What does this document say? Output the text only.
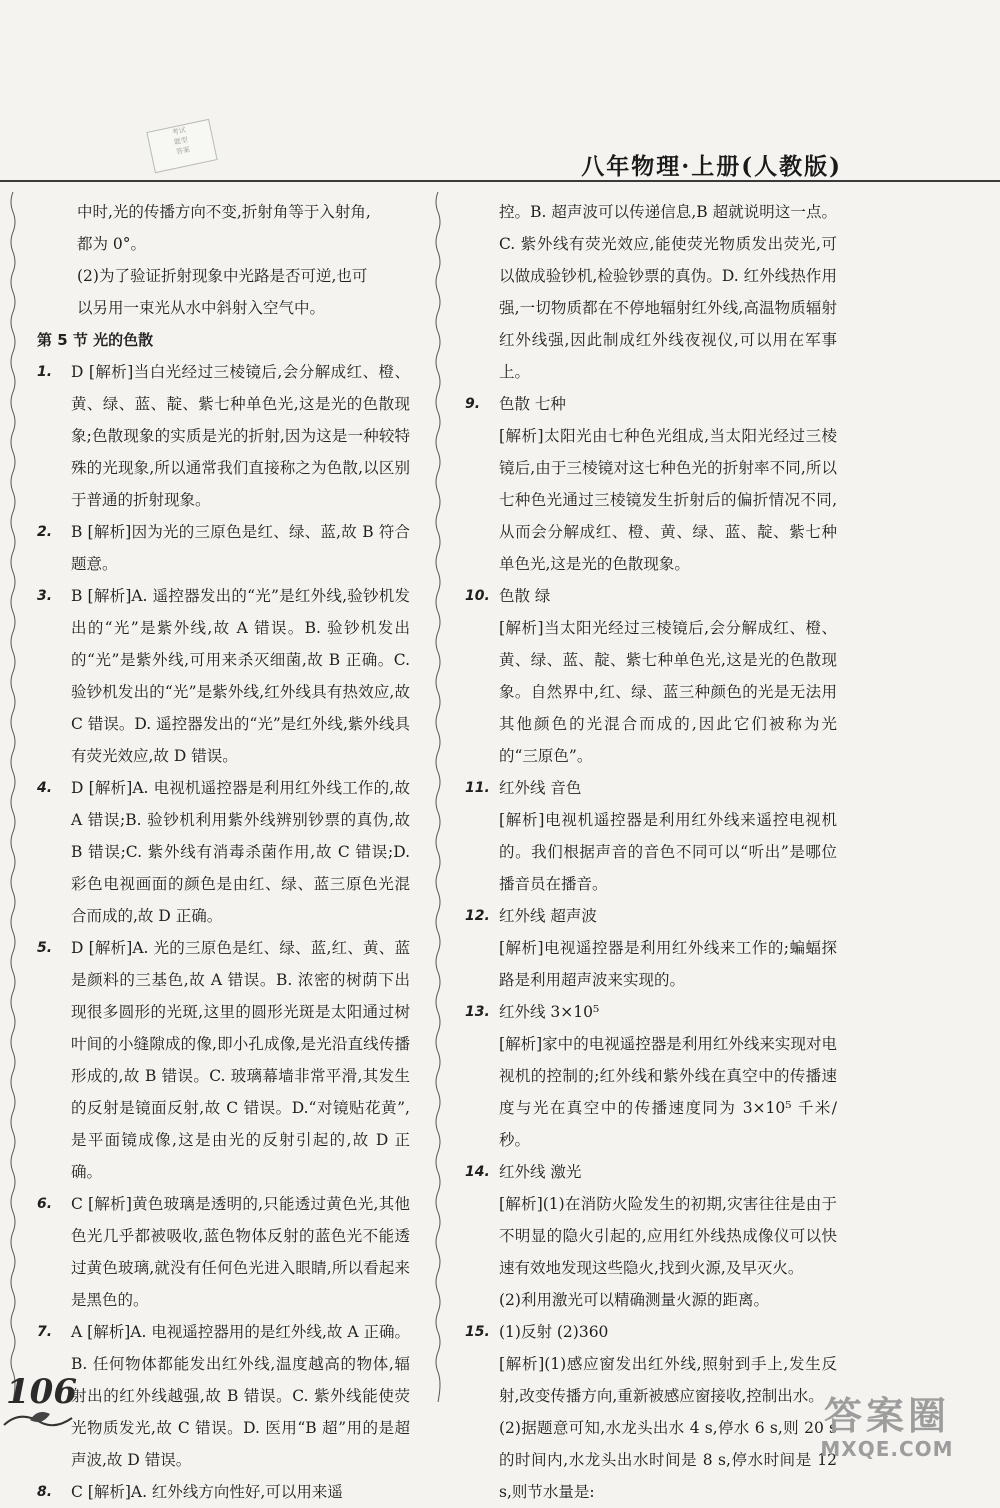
考试
题型
答案
八年物理·上册(人教版)
中时,光的传播方向不变,折射角等于入射角,
都为 0°。
(2)为了验证折射现象中光路是否可逆,也可
以另用一束光从水中斜射入空气中。
第 5 节 光的色散
1.	D [解析]当白光经过三棱镜后,会分解成红、橙、黄、绿、蓝、靛、紫七种单色光,这是光的色散现象;色散现象的实质是光的折射,因为这是一种较特殊的光现象,所以通常我们直接称之为色散,以区别于普通的折射现象。
2.	B [解析]因为光的三原色是红、绿、蓝,故 B 符合题意。
3.	B [解析]A. 遥控器发出的“光”是红外线,验钞机发出的“光”是紫外线,故 A 错误。B. 验钞机发出的“光”是紫外线,可用来杀灭细菌,故 B 正确。C. 验钞机发出的“光”是紫外线,红外线具有热效应,故 C 错误。D. 遥控器发出的“光”是红外线,紫外线具有荧光效应,故 D 错误。
4.	D [解析]A. 电视机遥控器是利用红外线工作的,故 A 错误;B. 验钞机利用紫外线辨别钞票的真伪,故 B 错误;C. 紫外线有消毒杀菌作用,故 C 错误;D. 彩色电视画面的颜色是由红、绿、蓝三原色光混合而成的,故 D 正确。
5.	D [解析]A. 光的三原色是红、绿、蓝,红、黄、蓝是颜料的三基色,故 A 错误。B. 浓密的树荫下出现很多圆形的光斑,这里的圆形光斑是太阳通过树叶间的小缝隙成的像,即小孔成像,是光沿直线传播形成的,故 B 错误。C. 玻璃幕墙非常平滑,其发生的反射是镜面反射,故 C 错误。D.“对镜贴花黄”,是平面镜成像,这是由光的反射引起的,故 D 正确。
6.	C [解析]黄色玻璃是透明的,只能透过黄色光,其他色光几乎都被吸收,蓝色物体反射的蓝色光不能透过黄色玻璃,就没有任何色光进入眼睛,所以看起来是黑色的。
7.	A [解析]A. 电视遥控器用的是红外线,故 A 正确。B. 任何物体都能发出红外线,温度越高的物体,辐射出的红外线越强,故 B 错误。C. 紫外线能使荧光物质发光,故 C 错误。D. 医用“B 超”用的是超声波,故 D 错误。
8.	C [解析]A. 红外线方向性好,可以用来遥
控。B. 超声波可以传递信息,B 超就说明这一点。C. 紫外线有荧光效应,能使荧光物质发出荧光,可以做成验钞机,检验钞票的真伪。D. 红外线热作用强,一切物质都在不停地辐射红外线,高温物质辐射红外线强,因此制成红外线夜视仪,可以用在军事上。
9.	色散 七种
[解析]太阳光由七种色光组成,当太阳光经过三棱镜后,由于三棱镜对这七种色光的折射率不同,所以七种色光通过三棱镜发生折射后的偏折情况不同,从而会分解成红、橙、黄、绿、蓝、靛、紫七种单色光,这是光的色散现象。
10. 色散 绿
[解析]当太阳光经过三棱镜后,会分解成红、橙、黄、绿、蓝、靛、紫七种单色光,这是光的色散现象。自然界中,红、绿、蓝三种颜色的光是无法用其他颜色的光混合而成的,因此它们被称为光的“三原色”。
11. 红外线 音色
[解析]电视机遥控器是利用红外线来遥控电视机的。我们根据声音的音色不同可以“听出”是哪位播音员在播音。
12. 红外线 超声波
[解析]电视遥控器是利用红外线来工作的;蝙蝠探路是利用超声波来实现的。
13. 红外线 3×10⁵
[解析]家中的电视遥控器是利用红外线来实现对电视机的控制的;红外线和紫外线在真空中的传播速度与光在真空中的传播速度同为 3×10⁵ 千米/秒。
14. 红外线 激光
[解析](1)在消防火险发生的初期,灾害往往是由于不明显的隐火引起的,应用红外线热成像仪可以快速有效地发现这些隐火,找到火源,及早灭火。
(2)利用激光可以精确测量火源的距离。
15. (1)反射 (2)360
[解析](1)感应窗发出红外线,照射到手上,发生反射,改变传播方向,重新被感应窗接收,控制出水。
(2)据题意可知,水龙头出水 4 s,停水 6 s,则 20 s 的时间内,水龙头出水时间是 8 s,停水时间是 12 s,则节水量是:
106
答案圈
MXQE.COM
